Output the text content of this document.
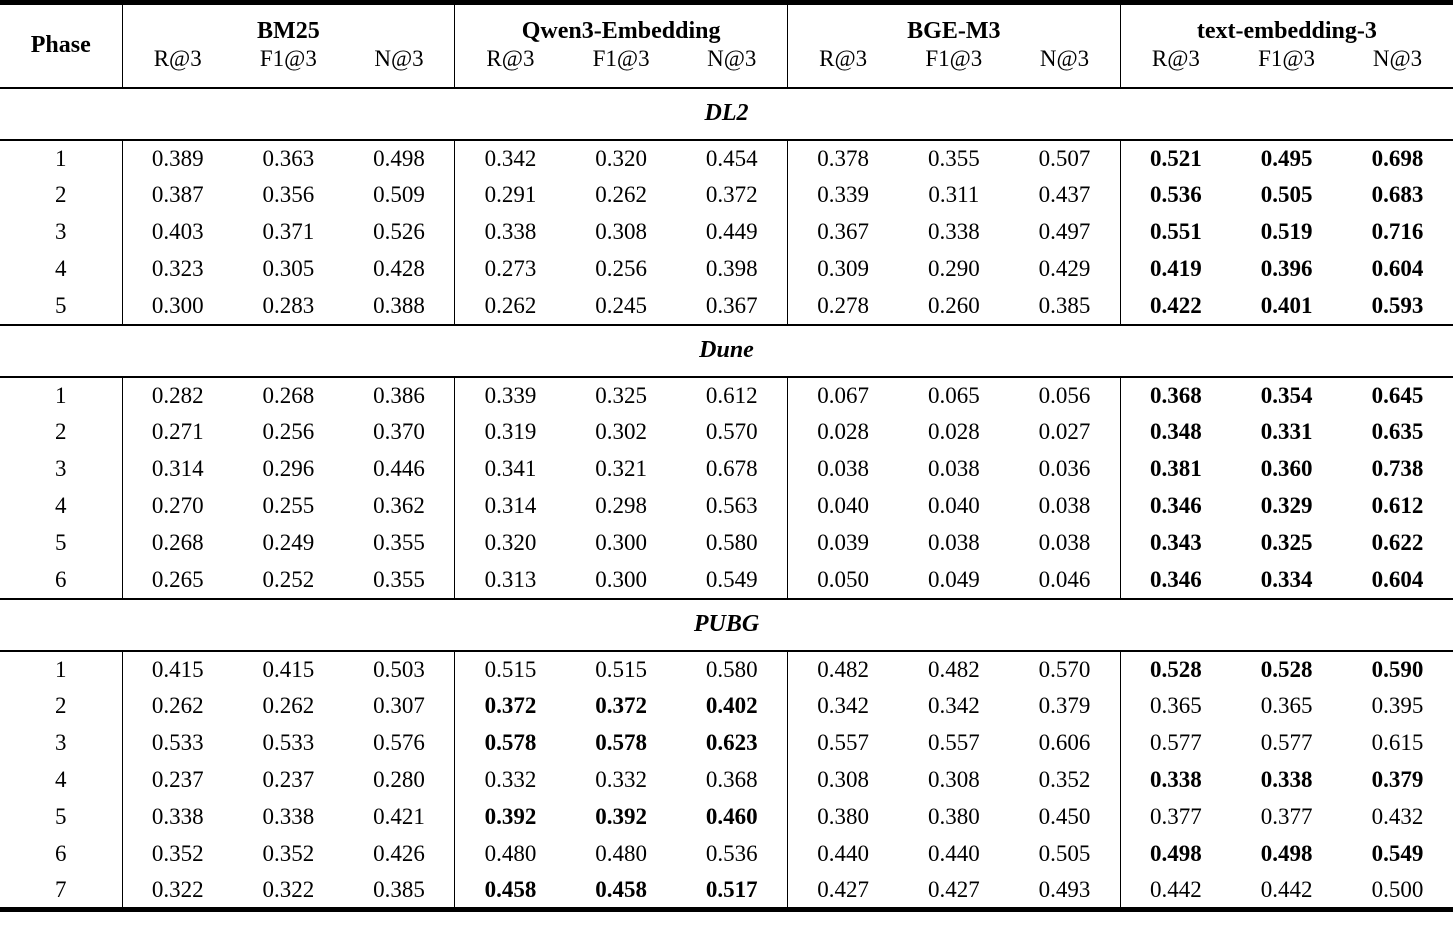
Phase	BM25			Qwen3-Embedding			BGE-M3			text-embedding-3		
	R@3	F1@3	N@3	R@3	F1@3	N@3	R@3	F1@3	N@3	R@3	F1@3	N@3
DL2												
1	0.389	0.363	0.498	0.342	0.320	0.454	0.378	0.355	0.507	0.521	0.495	0.698
2	0.387	0.356	0.509	0.291	0.262	0.372	0.339	0.311	0.437	0.536	0.505	0.683
3	0.403	0.371	0.526	0.338	0.308	0.449	0.367	0.338	0.497	0.551	0.519	0.716
4	0.323	0.305	0.428	0.273	0.256	0.398	0.309	0.290	0.429	0.419	0.396	0.604
5	0.300	0.283	0.388	0.262	0.245	0.367	0.278	0.260	0.385	0.422	0.401	0.593
Dune												
1	0.282	0.268	0.386	0.339	0.325	0.612	0.067	0.065	0.056	0.368	0.354	0.645
2	0.271	0.256	0.370	0.319	0.302	0.570	0.028	0.028	0.027	0.348	0.331	0.635
3	0.314	0.296	0.446	0.341	0.321	0.678	0.038	0.038	0.036	0.381	0.360	0.738
4	0.270	0.255	0.362	0.314	0.298	0.563	0.040	0.040	0.038	0.346	0.329	0.612
5	0.268	0.249	0.355	0.320	0.300	0.580	0.039	0.038	0.038	0.343	0.325	0.622
6	0.265	0.252	0.355	0.313	0.300	0.549	0.050	0.049	0.046	0.346	0.334	0.604
PUBG												
1	0.415	0.415	0.503	0.515	0.515	0.580	0.482	0.482	0.570	0.528	0.528	0.590
2	0.262	0.262	0.307	0.372	0.372	0.402	0.342	0.342	0.379	0.365	0.365	0.395
3	0.533	0.533	0.576	0.578	0.578	0.623	0.557	0.557	0.606	0.577	0.577	0.615
4	0.237	0.237	0.280	0.332	0.332	0.368	0.308	0.308	0.352	0.338	0.338	0.379
5	0.338	0.338	0.421	0.392	0.392	0.460	0.380	0.380	0.450	0.377	0.377	0.432
6	0.352	0.352	0.426	0.480	0.480	0.536	0.440	0.440	0.505	0.498	0.498	0.549
7	0.322	0.322	0.385	0.458	0.458	0.517	0.427	0.427	0.493	0.442	0.442	0.500
